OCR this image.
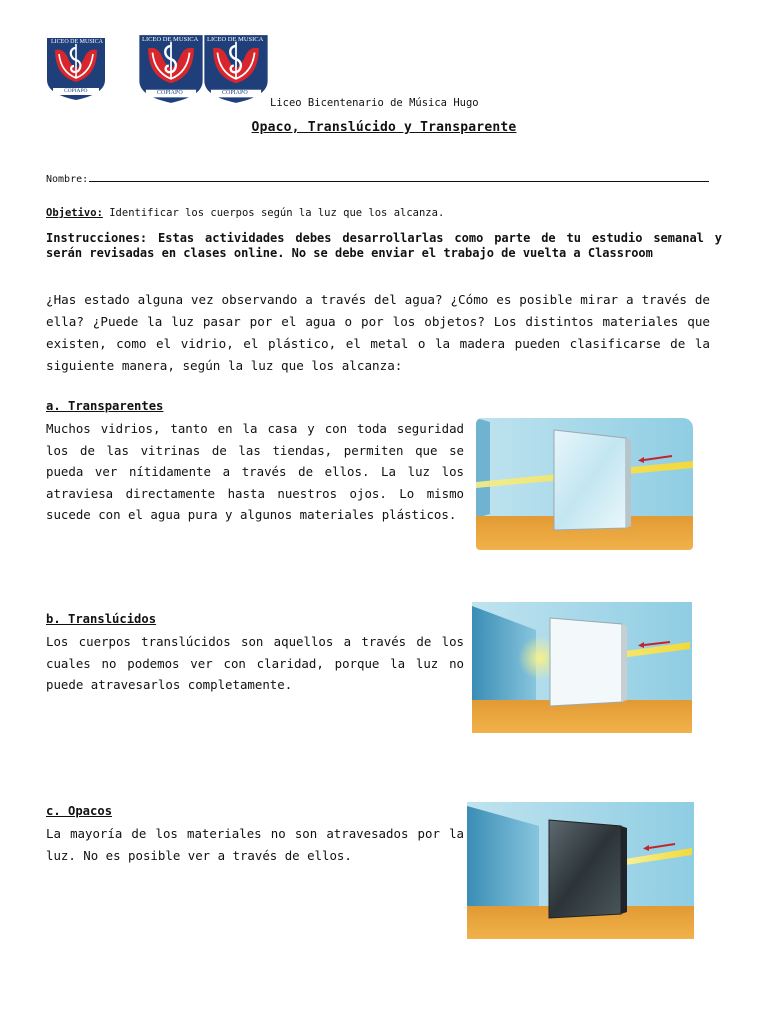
LICEO DE MUSICA
COPIAPO
LICEO DE MUSICA
COPIAPO
LICEO DE MUSICA
COPIAPO
Liceo Bicentenario de Música Hugo
Opaco, Translúcido y Transparente
Nombre:
Objetivo: Identificar los cuerpos según la luz que los alcanza.
Instrucciones: Estas actividades debes desarrollarlas como parte de tu estudio semanal y serán revisadas en clases online. No se debe enviar el trabajo de vuelta a Classroom
¿Has estado alguna vez observando a través del agua? ¿Cómo es posible mirar a través de ella? ¿Puede la luz pasar por el agua o por los objetos? Los distintos materiales que existen, como el vidrio, el plástico, el metal o la madera pueden clasificarse de la siguiente manera, según la luz que los alcanza:
a. Transparentes
Muchos vidrios, tanto en la casa y con toda seguridad los de las vitrinas de las tiendas, permiten que se pueda ver nítidamente a través de ellos. La luz los atraviesa directamente hasta nuestros ojos. Lo mismo sucede con el agua pura y algunos materiales plásticos.
b. Translúcidos
Los cuerpos translúcidos son aquellos a través de los cuales no podemos ver con claridad, porque la luz no puede atravesarlos completamente.
c. Opacos
La mayoría de los materiales no son atravesados por la luz. No es posible ver a través de ellos.
